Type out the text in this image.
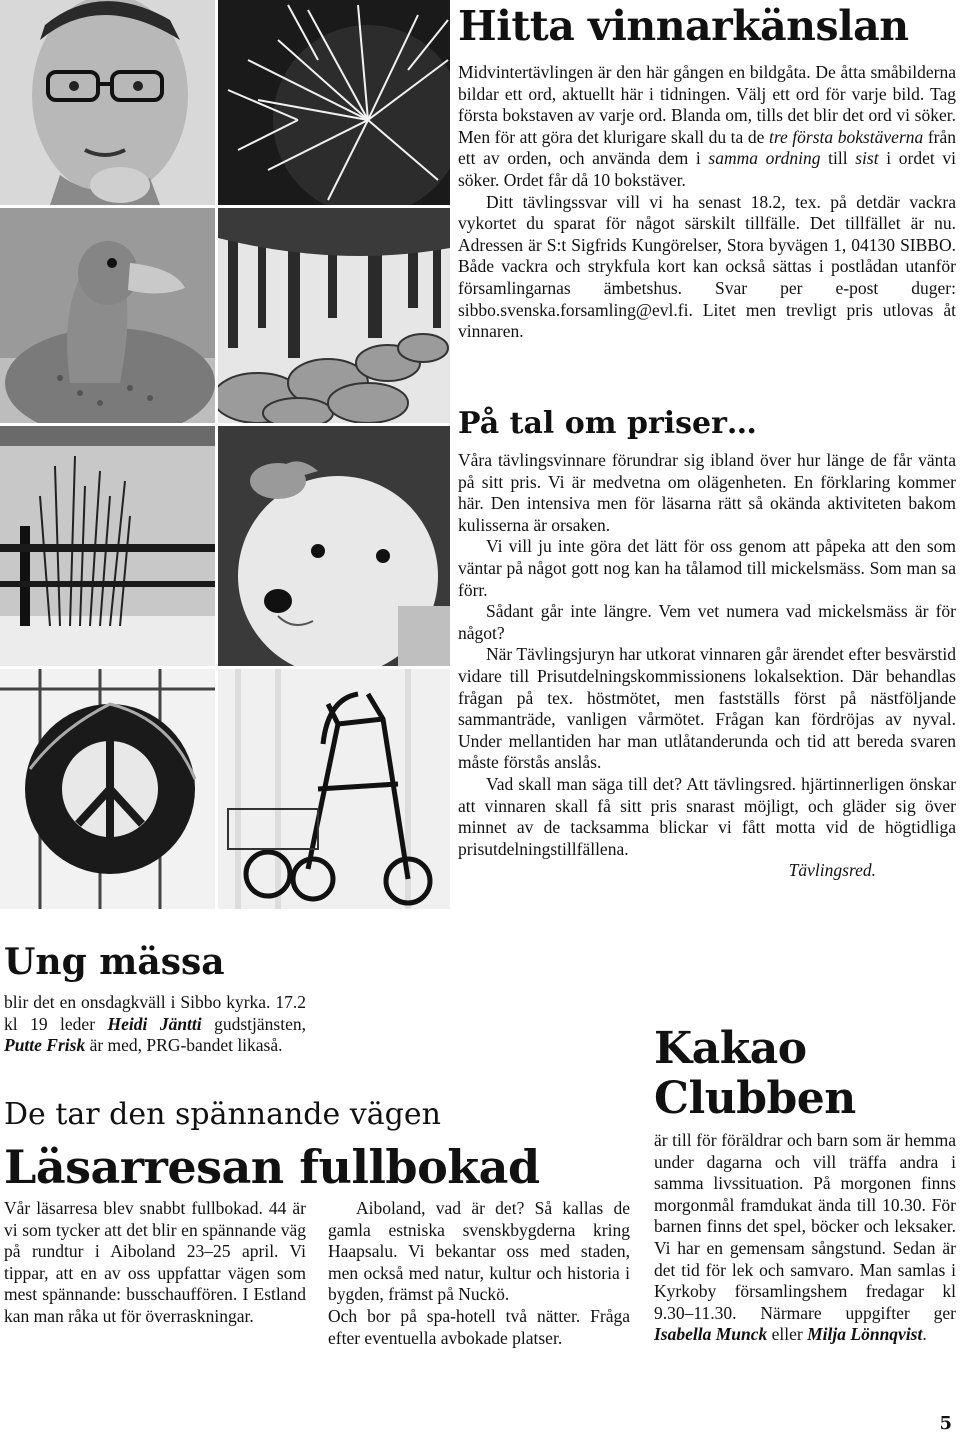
Hitta vinnarkänslan

Midvintertävlingen är den här gången en bildgåta. De åtta småbilderna bildar ett ord, aktuellt här i tidningen. Välj ett ord för varje bild. Tag första bokstaven av varje ord. Blanda om, tills det blir det ord vi söker. Men för att göra det klurigare skall du ta de tre första bokstäverna från ett av orden, och använda dem i samma ordning till sist i ordet vi söker. Ordet får då 10 bokstäver.

Ditt tävlingssvar vill vi ha senast 18.2, tex. på detdär vackra vykortet du sparat för något särskilt tillfälle. Det tillfället är nu. Adressen är S:t Sigfrids Kungörelser, Stora byvägen 1, 04130 SIBBO. Både vackra och strykfula kort kan också sättas i postlådan utanför församlingarnas ämbetshus. Svar per e-post duger: sibbo.svenska.forsamling@evl.fi. Litet men trevligt pris utlovas åt vinnaren.

På tal om priser…

Våra tävlingsvinnare förundrar sig ibland över hur länge de får vänta på sitt pris. Vi är medvetna om olägenheten. En förklaring kommer här. Den intensiva men för läsarna rätt så okända aktiviteten bakom kulisserna är orsaken.

Vi vill ju inte göra det lätt för oss genom att påpeka att den som väntar på något gott nog kan ha tålamod till mickelsmäss. Som man sa förr.

Sådant går inte längre. Vem vet numera vad mickelsmäss är för något?

När Tävlingsjuryn har utkorat vinnaren går ärendet efter besvärstid vidare till Prisutdelningskommissionens lokalsektion. Där behandlas frågan på tex. höstmötet, men fastställs först på nästföljande sammanträde, vanligen vårmötet. Frågan kan fördröjas av nyval. Under mellantiden har man utlåtanderunda och tid att bereda svaren måste förstås anslås.

Vad skall man säga till det? Att tävlingsred. hjärtinnerligen önskar att vinnaren skall få sitt pris snarast möjligt, och gläder sig över minnet av de tacksamma blickar vi fått motta vid de högtidliga prisutdelningstillfällena.

Tävlingsred.

Ung mässa

blir det en onsdagkväll i Sibbo kyrka. 17.2 kl 19 leder Heidi Jäntti gudstjänsten, Putte Frisk är med, PRG-bandet likaså.

De tar den spännande vägen
Läsarresan fullbokad

Vår läsarresa blev snabbt fullbokad. 44 är vi som tycker att det blir en spännande väg på rundtur i Aiboland 23–25 april. Vi tippar, att en av oss uppfattar vägen som mest spännande: busschauffören. I Estland kan man råka ut för överraskningar.

Aiboland, vad är det? Så kallas de gamla estniska svenskbygderna kring Haapsalu. Vi bekantar oss med staden, men också med natur, kultur och historia i bygden, främst på Nuckö.

Och bor på spa-hotell två nätter. Fråga efter eventuella avbokade platser.

Kakao
Clubben

är till för föräldrar och barn som är hemma under dagarna och vill träffa andra i samma livssituation. På morgonen finns morgonmål framdukat ända till 10.30. För barnen finns det spel, böcker och leksaker. Vi har en gemensam sångstund. Sedan är det tid för lek och samvaro. Man samlas i Kyrkoby församlingshem fredagar kl 9.30–11.30. Närmare uppgifter ger Isabella Munck eller Milja Lönnqvist.

5
